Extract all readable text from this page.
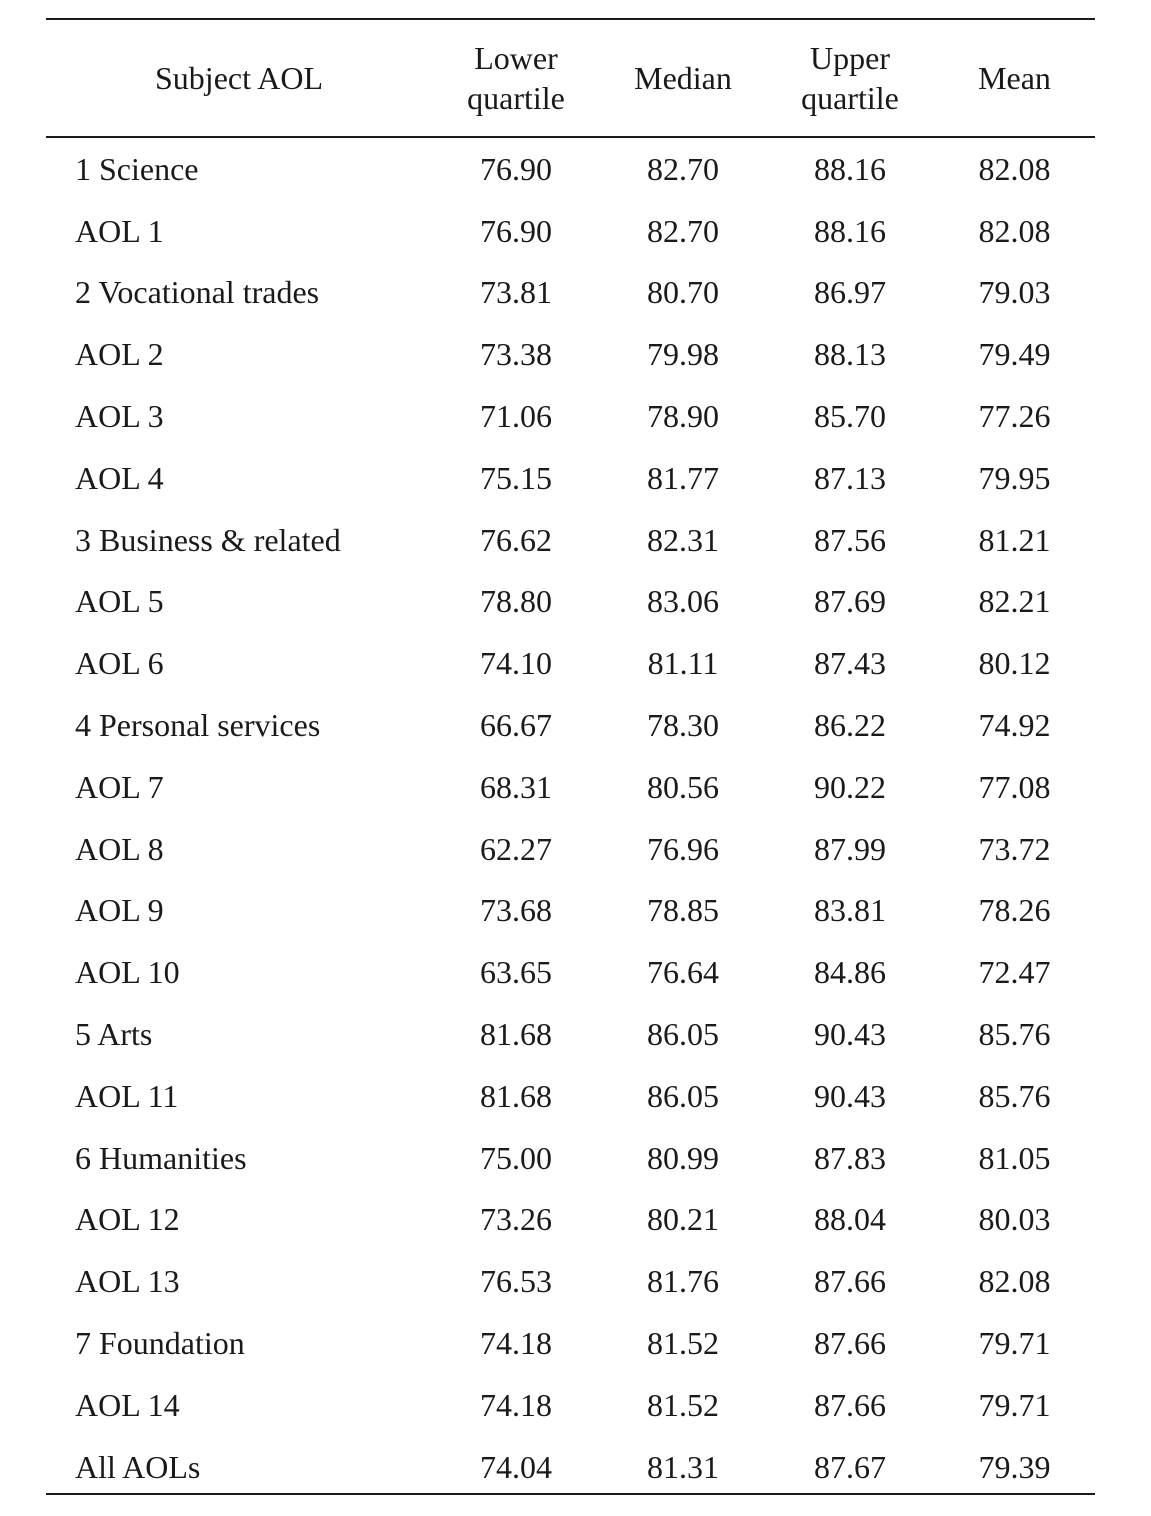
Subject AOL	Lower quartile	Median	Upper quartile	Mean
1 Science	76.90	82.70	88.16	82.08
AOL 1	76.90	82.70	88.16	82.08
2 Vocational trades	73.81	80.70	86.97	79.03
AOL 2	73.38	79.98	88.13	79.49
AOL 3	71.06	78.90	85.70	77.26
AOL 4	75.15	81.77	87.13	79.95
3 Business & related	76.62	82.31	87.56	81.21
AOL 5	78.80	83.06	87.69	82.21
AOL 6	74.10	81.11	87.43	80.12
4 Personal services	66.67	78.30	86.22	74.92
AOL 7	68.31	80.56	90.22	77.08
AOL 8	62.27	76.96	87.99	73.72
AOL 9	73.68	78.85	83.81	78.26
AOL 10	63.65	76.64	84.86	72.47
5 Arts	81.68	86.05	90.43	85.76
AOL 11	81.68	86.05	90.43	85.76
6 Humanities	75.00	80.99	87.83	81.05
AOL 12	73.26	80.21	88.04	80.03
AOL 13	76.53	81.76	87.66	82.08
7 Foundation	74.18	81.52	87.66	79.71
AOL 14	74.18	81.52	87.66	79.71
All AOLs	74.04	81.31	87.67	79.39
